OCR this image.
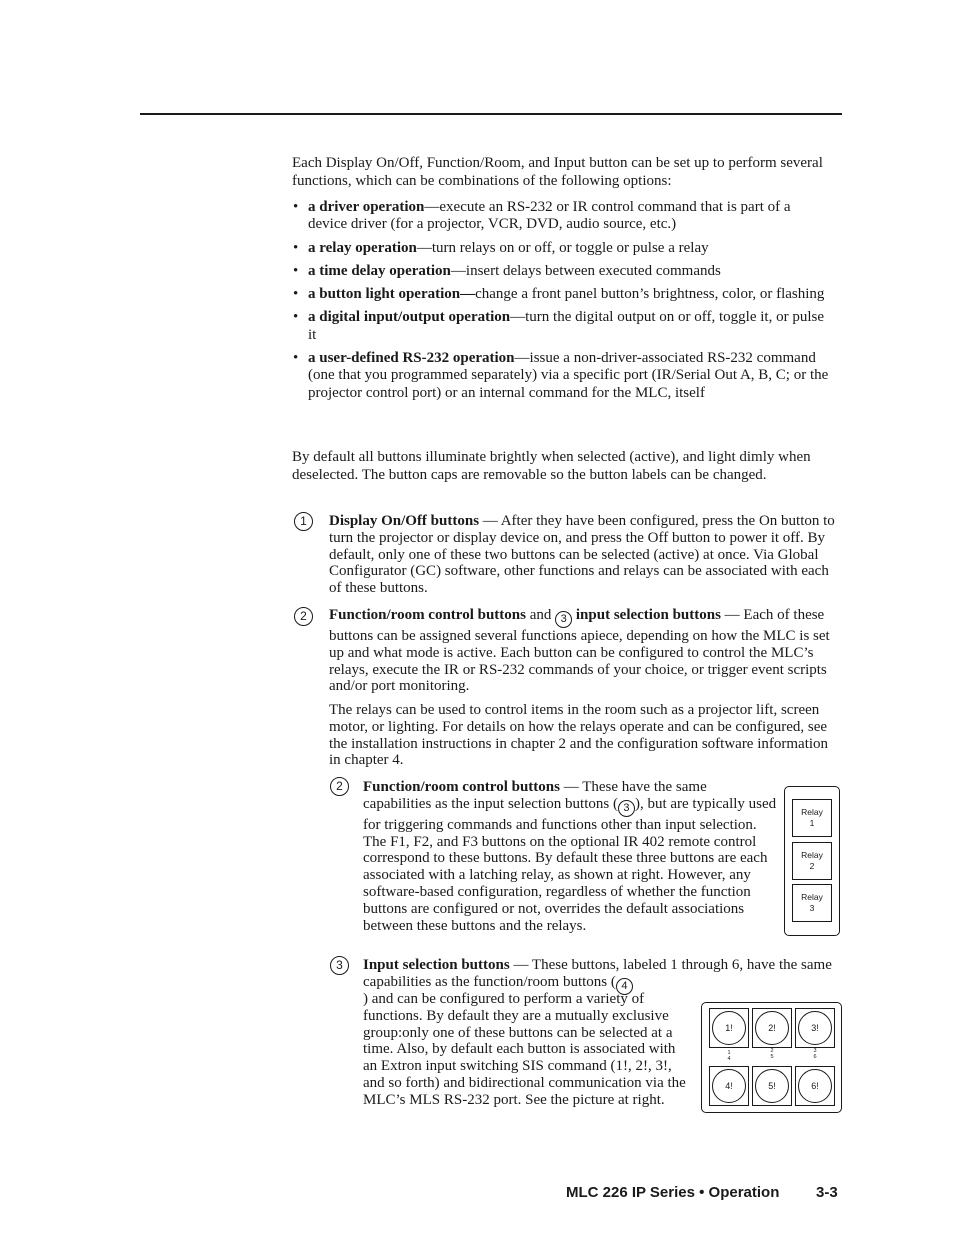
Each Display On/Off, Function/Room, and Input button can be set up to perform several functions, which can be combinations of the following options:

• a driver operation—execute an RS-232 or IR control command that is part of a device driver (for a projector, VCR, DVD, audio source, etc.)
• a relay operation—turn relays on or off, or toggle or pulse a relay
• a time delay operation—insert delays between executed commands
• a button light operation—change a front panel button’s brightness, color, or flashing
• a digital input/output operation—turn the digital output on or off, toggle it, or pulse it
• a user-defined RS-232 operation—issue a non-driver-associated RS-232 command (one that you programmed separately) via a specific port (IR/Serial Out A, B, C; or the projector control port) or an internal command for the MLC, itself

By default all buttons illuminate brightly when selected (active), and light dimly when deselected. The button caps are removable so the button labels can be changed.

1	Display On/Off buttons — After they have been configured, press the On button to turn the projector or display device on, and press the Off button to power it off. By default, only one of these two buttons can be selected (active) at once. Via Global Configurator (GC) software, other functions and relays can be associated with each of these buttons.

2	Function/room control buttons and 3 input selection buttons — Each of these buttons can be assigned several functions apiece, depending on how the MLC is set up and what mode is active. Each button can be configured to control the MLC’s relays, execute the IR or RS-232 commands of your choice, or trigger event scripts and/or port monitoring.

The relays can be used to control items in the room such as a projector lift, screen motor, or lighting. For details on how the relays operate and can be configured, see the installation instructions in chapter 2 and the configuration software information in chapter 4.

2	Function/room control buttons — These have the same capabilities as the input selection buttons ( 3 ), but are typically used for triggering commands and functions other than input selection. The F1, F2, and F3 buttons on the optional IR 402 remote control correspond to these buttons. By default these three buttons are each associated with a latching relay, as shown at right. However, any software-based configuration, regardless of whether the function buttons are configured or not, overrides the default associations between these buttons and the relays.

Relay
1
Relay
2
Relay
3
3	Input selection buttons — These buttons, labeled 1 through 6, have the same capabilities as the function/room buttons ( 4

1!	2!	3!
1
4
2
5
3
6
4!	5!	6!

) and can be configured to perform a variety of functions. By default they are a mutually exclusive group:only one of these buttons can be selected at a time. Also, by default each button is associated with an Extron input switching SIS command (1!, 2!, 3!, and so forth) and bidirectional communication via the MLC’s MLS RS-232 port. See the picture at right.

MLC 226 IP Series • Operation 3-3
